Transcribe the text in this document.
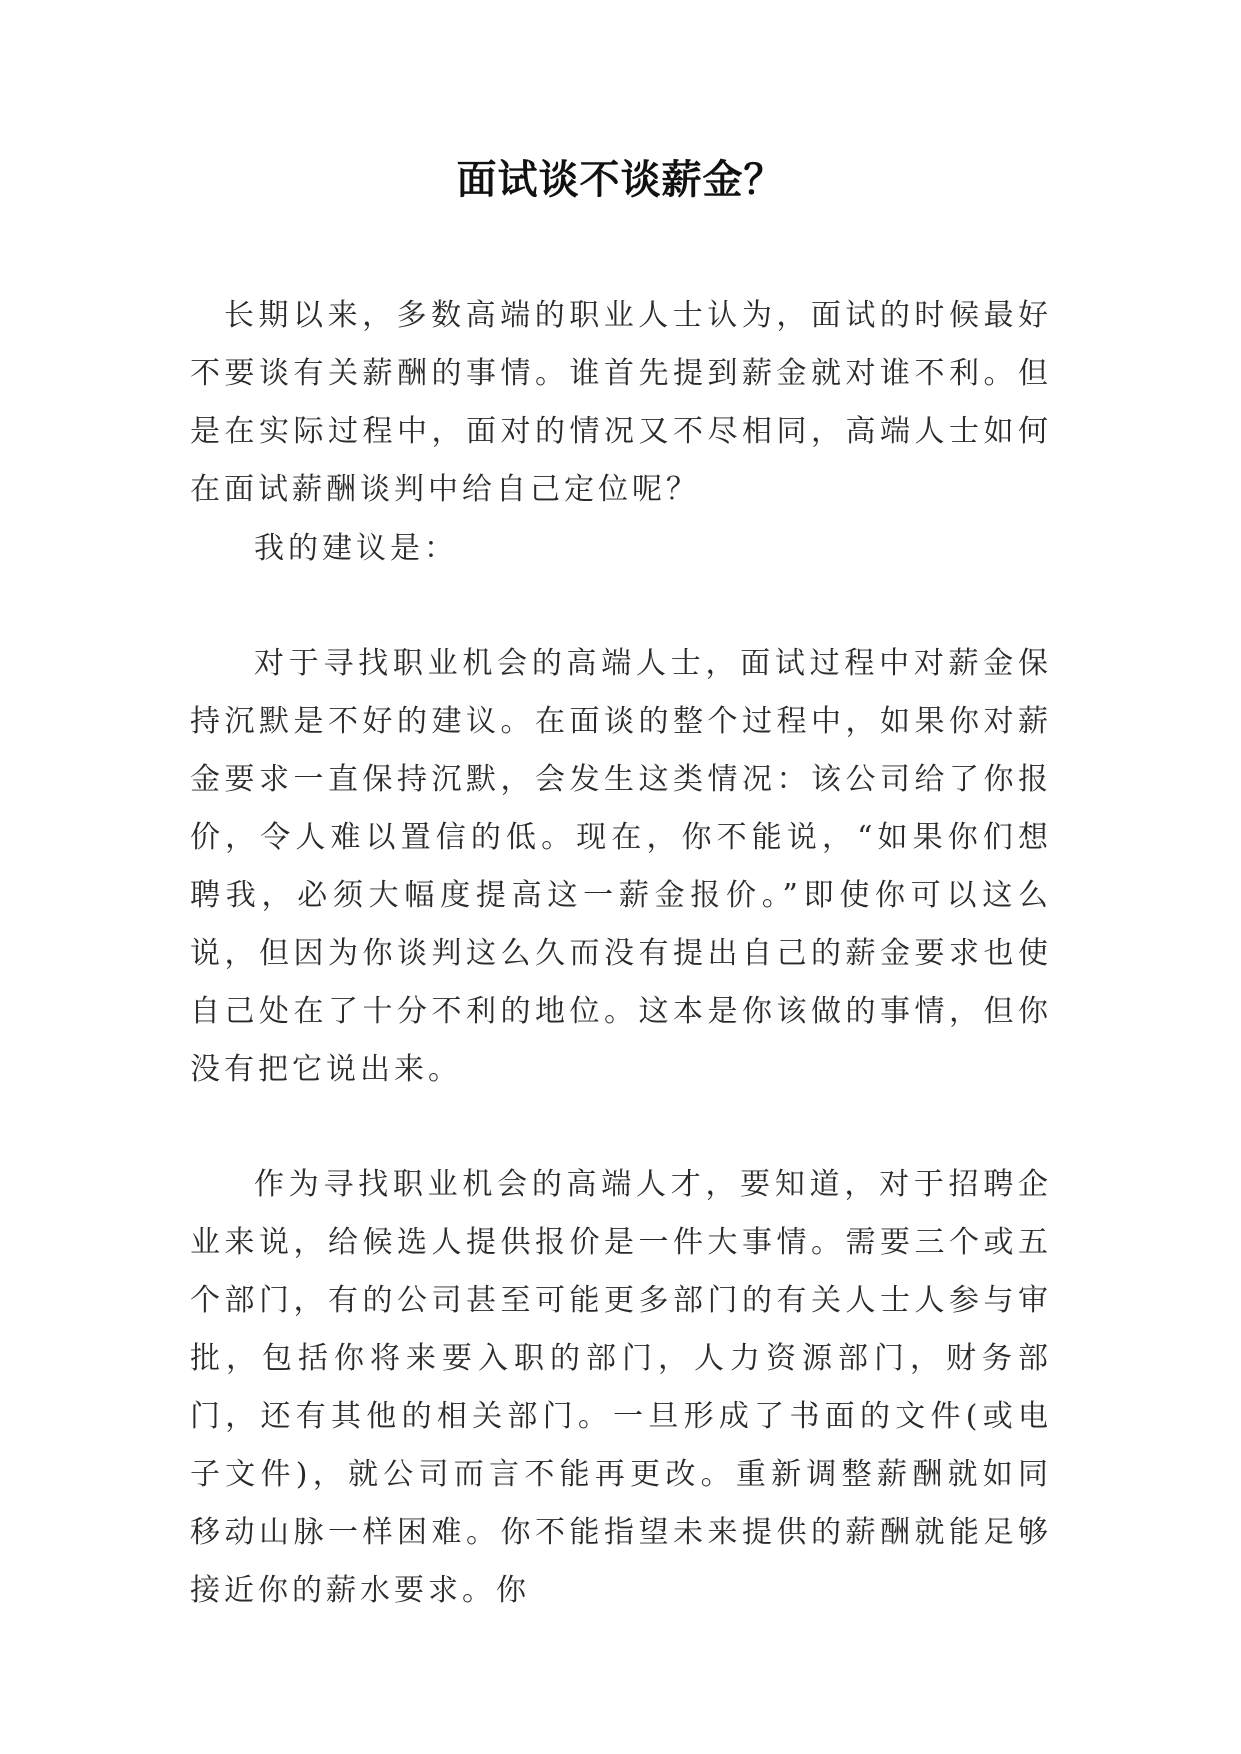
面试谈不谈薪金？

长期以来，多数高端的职业人士认为，面试的时候最好不要谈有关薪酬的事情。谁首先提到薪金就对谁不利。但是在实际过程中，面对的情况又不尽相同，高端人士如何在面试薪酬谈判中给自己定位呢？

我的建议是：

对于寻找职业机会的高端人士，面试过程中对薪金保持沉默是不好的建议。在面谈的整个过程中，如果你对薪金要求一直保持沉默，会发生这类情况：该公司给了你报价，令人难以置信的低。现在，你不能说，“如果你们想聘我，必须大幅度提高这一薪金报价。”即使你可以这么说，但因为你谈判这么久而没有提出自己的薪金要求也使自己处在了十分不利的地位。这本是你该做的事情，但你没有把它说出来。

作为寻找职业机会的高端人才，要知道，对于招聘企业来说，给候选人提供报价是一件大事情。需要三个或五个部门，有的公司甚至可能更多部门的有关人士人参与审批，包括你将来要入职的部门，人力资源部门，财务部门，还有其他的相关部门。一旦形成了书面的文件(或电子文件)，就公司而言不能再更改。重新调整薪酬就如同移动山脉一样困难。你不能指望未来提供的薪酬就能足够接近你的薪水要求。你
